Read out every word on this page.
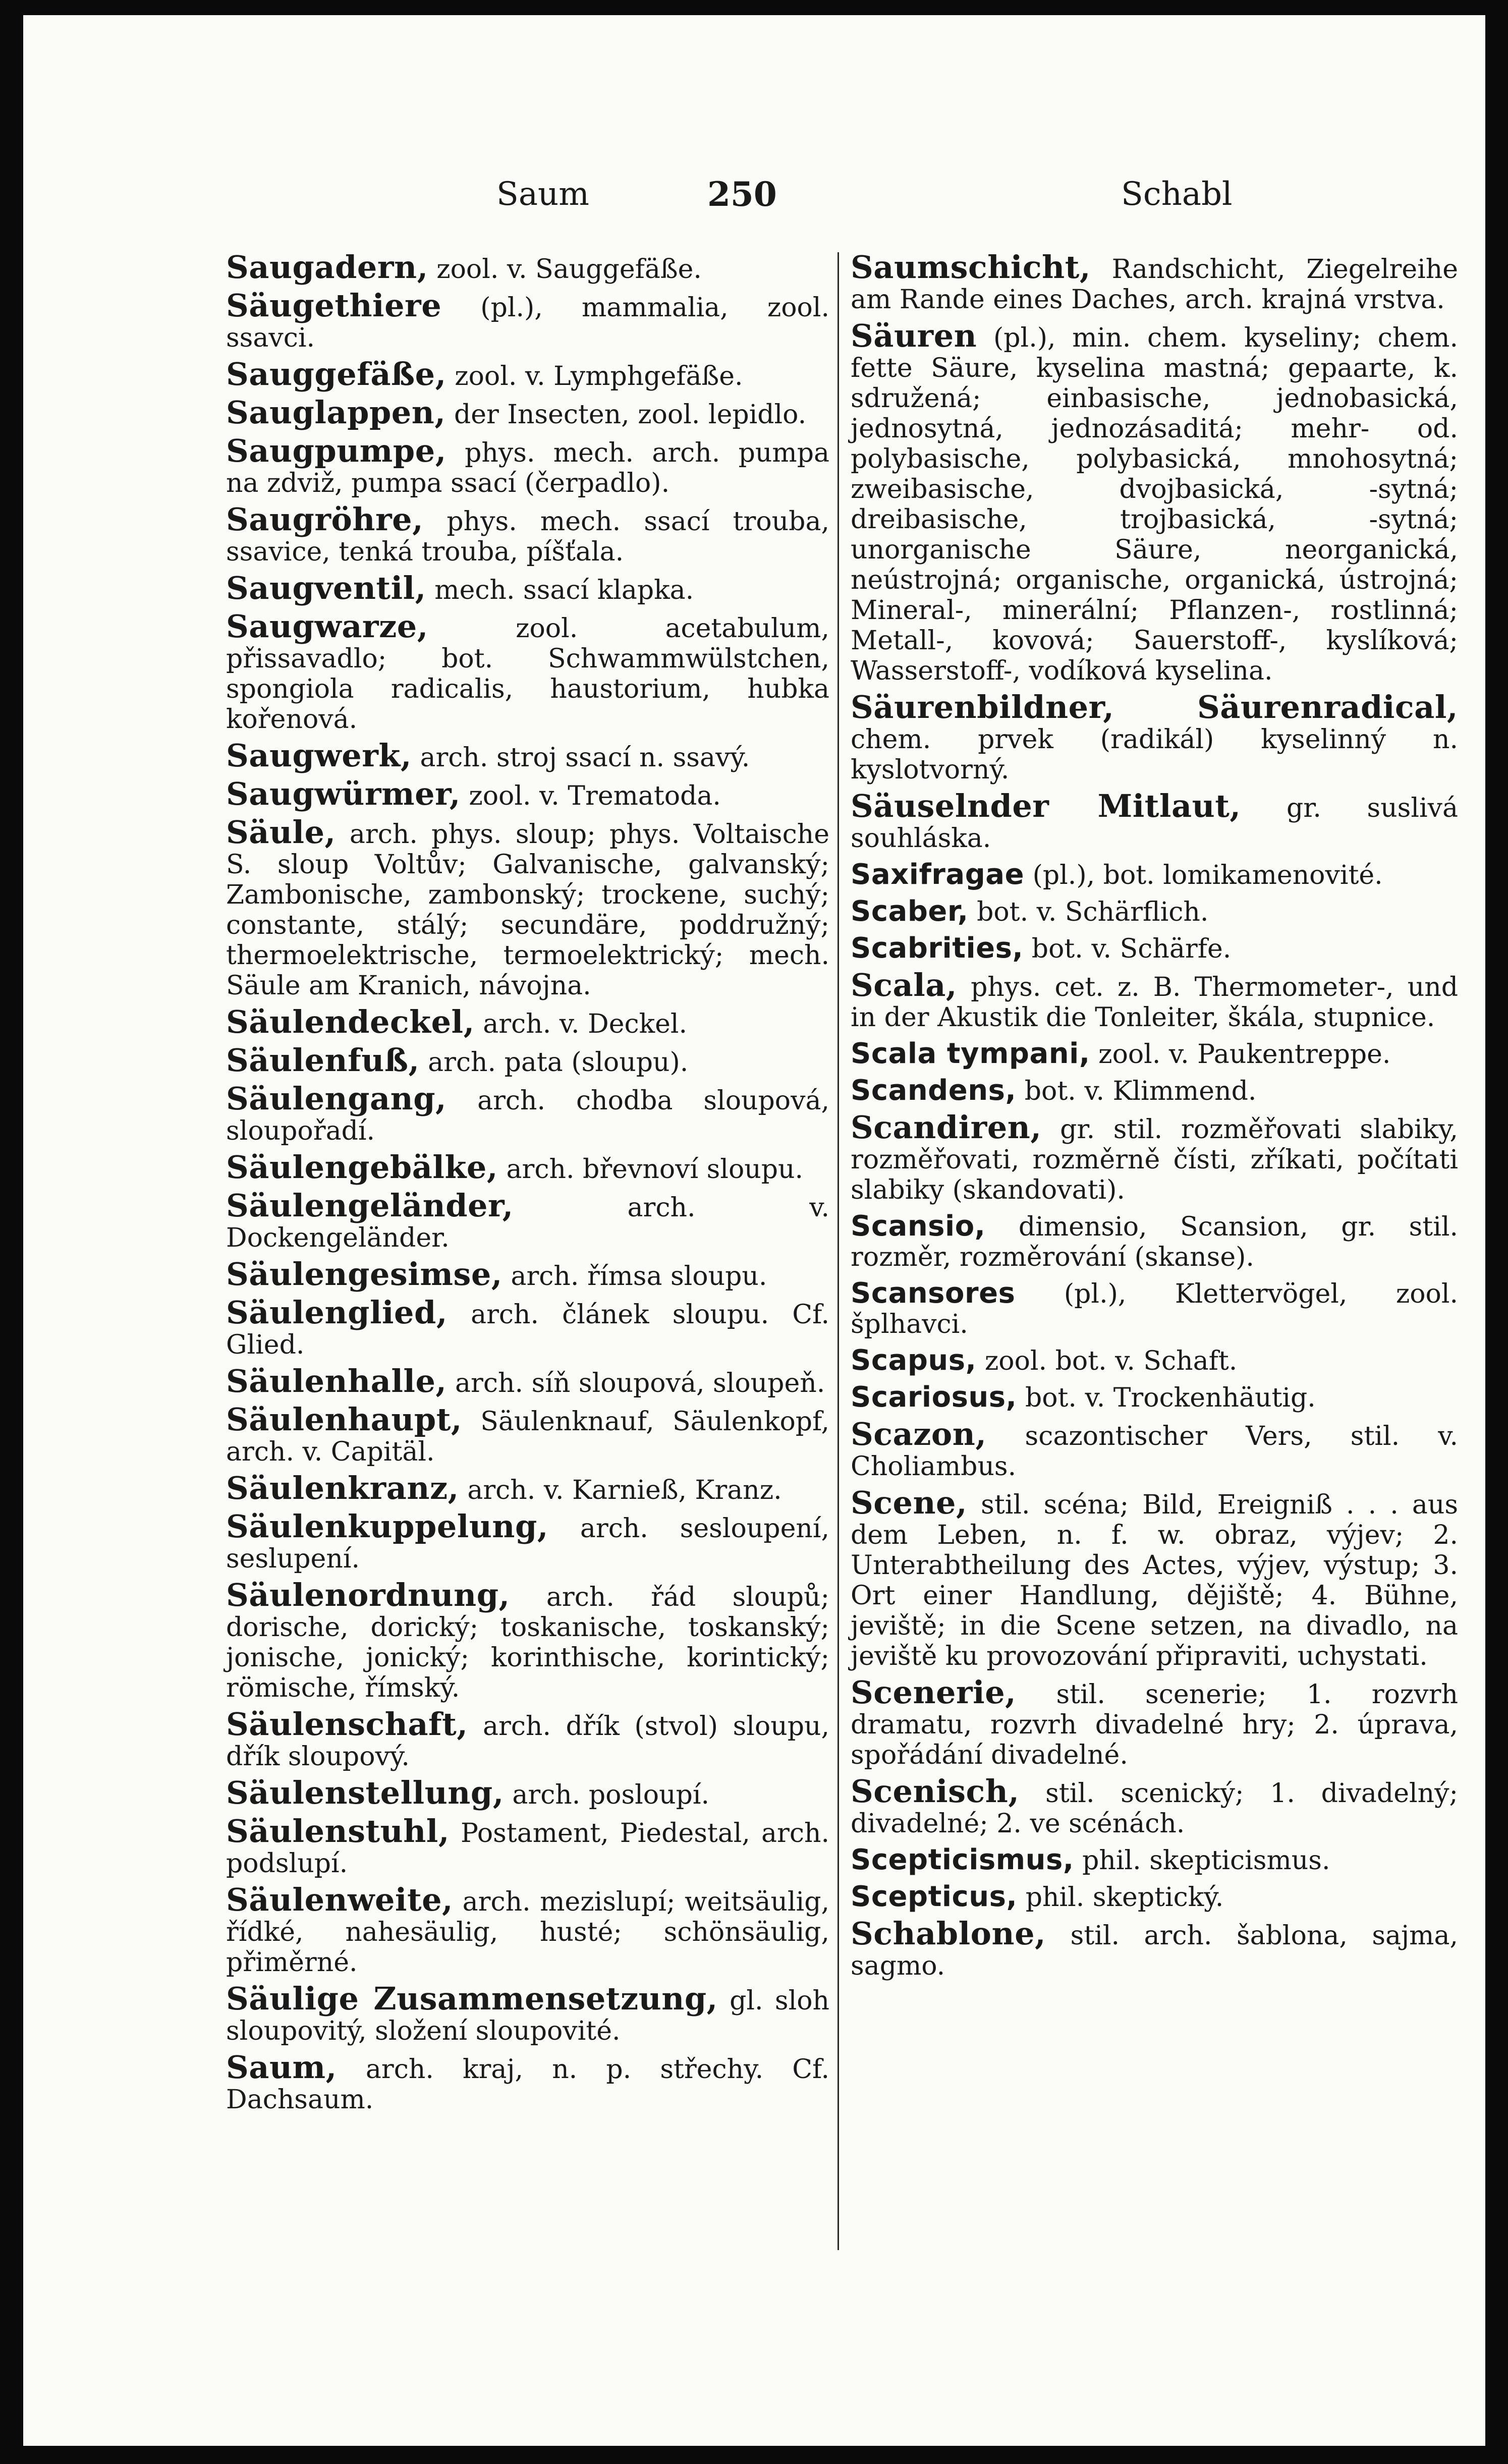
Saum	250	Schabl
Saugadern, zool. v. Sauggefäße.
Säugethiere (pl.), mammalia, zool. ssavci.
Sauggefäße, zool. v. Lymphgefäße.
Sauglappen, der Insecten, zool. lepidlo.
Saugpumpe, phys. mech. arch. pumpa na zdviž, pumpa ssací (čerpadlo).
Saugröhre, phys. mech. ssací trouba, ssavice, tenká trouba, píšťala.
Saugventil, mech. ssací klapka.
Saugwarze,	zool. acetabulum, přissavadlo; bot. Schwammwülstchen, spongiola radicalis, haustorium, hubka kořenová.
Saugwerk, arch. stroj ssací n. ssavý.
Saugwürmer, zool. v. Trematoda.
Säule, arch. phys. sloup; phys. Voltaische S. sloup Voltův; Galvanische, galvanský; Zambonische, zambonský; trockene, suchý; constante, stálý; secundäre, poddružný; thermoelektrische, termoelektrický; mech. Säule am Kranich, návojna.
Säulendeckel, arch. v. Deckel.
Säulenfuß, arch. pata (sloupu).
Säulengang, arch. chodba sloupová, sloupořadí.
Säulengebälke, arch. břevnoví sloupu.
Säulengeländer,	arch. v. Dockengeländer.
Säulengesimse, arch. římsa sloupu.
Säulenglied, arch. článek sloupu. Cf. Glied.
Säulenhalle, arch. síň sloupová, sloupeň.
Säulenhaupt, Säulenknauf, Säulenkopf, arch. v. Capitäl.
Säulenkranz, arch. v. Karnieß, Kranz.
Säulenkuppelung, arch. sesloupení, seslupení.
Säulenordnung, arch. řád sloupů; dorische, dorický; toskanische, toskanský; jonische, jonický; korinthische, korintický; römische, římský.
Säulenschaft, arch. dřík (stvol) sloupu, dřík sloupový.
Säulenstellung, arch. posloupí.
Säulenstuhl, Postament, Piedestal, arch. podslupí.
Säulenweite, arch. mezislupí; weitsäulig, řídké, nahesäulig, husté; schönsäulig, přiměrné.
Säulige Zusammensetzung, gl. sloh sloupovitý, složení sloupovité.
Saum, arch. kraj, n. p. střechy. Cf. Dachsaum.
Saumschicht, Randschicht, Ziegelreihe am Rande eines Daches, arch. krajná vrstva.
Säuren (pl.), min. chem. kyseliny; chem. fette Säure, kyselina mastná; gepaarte, k. sdružená; einbasische, jednobasická, jednosytná, jednozásaditá; mehr- od. polybasische, polybasická, mnohosytná; zweibasische, dvojbasická, -sytná; dreibasische, trojbasická, -sytná; unorganische Säure, neorganická, neústrojná; organische, organická, ústrojná; Mineral-, minerální; Pflanzen-, rostlinná; Metall-, kovová; Sauerstoff-, kyslíková; Wasserstoff-, vodíková kyselina.
Säurenbildner, Säurenradical, chem. prvek (radikál) kyselinný n. kyslotvorný.
Säuselnder Mitlaut, gr. suslivá souhláska.
Saxifragae (pl.), bot. lomikamenovité.
Scaber, bot. v. Schärflich.
Scabrities, bot. v. Schärfe.
Scala, phys. cet. z. B. Thermometer-, und in der Akustik die Tonleiter, škála, stupnice.
Scala tympani, zool. v. Paukentreppe.
Scandens, bot. v. Klimmend.
Scandiren, gr. stil. rozměřovati slabiky, rozměřovati, rozměrně čísti, zříkati, počítati slabiky (skandovati).
Scansio, dimensio, Scansion, gr. stil. rozměr, rozměrování (skanse).
Scansores (pl.), Klettervögel, zool. šplhavci.
Scapus, zool. bot. v. Schaft.
Scariosus, bot. v. Trockenhäutig.
Scazon, scazontischer Vers, stil. v. Choliambus.
Scene, stil. scéna; Bild, Ereigniß . . . aus dem Leben, n. f. w. obraz, výjev; 2. Unterabtheilung des Actes, výjev, výstup; 3. Ort einer Handlung, dějiště; 4. Bühne, jeviště; in die Scene setzen, na divadlo, na jeviště ku provozování připraviti, uchystati.
Scenerie, stil. scenerie; 1. rozvrh dramatu, rozvrh divadelné hry; 2. úprava, spořádání divadelné.
Scenisch, stil. scenický; 1. divadelný; divadelné; 2. ve scénách.
Scepticismus, phil. skepticismus.
Scepticus, phil. skeptický.
Schablone, stil. arch. šablona, sajma, sagmo.
